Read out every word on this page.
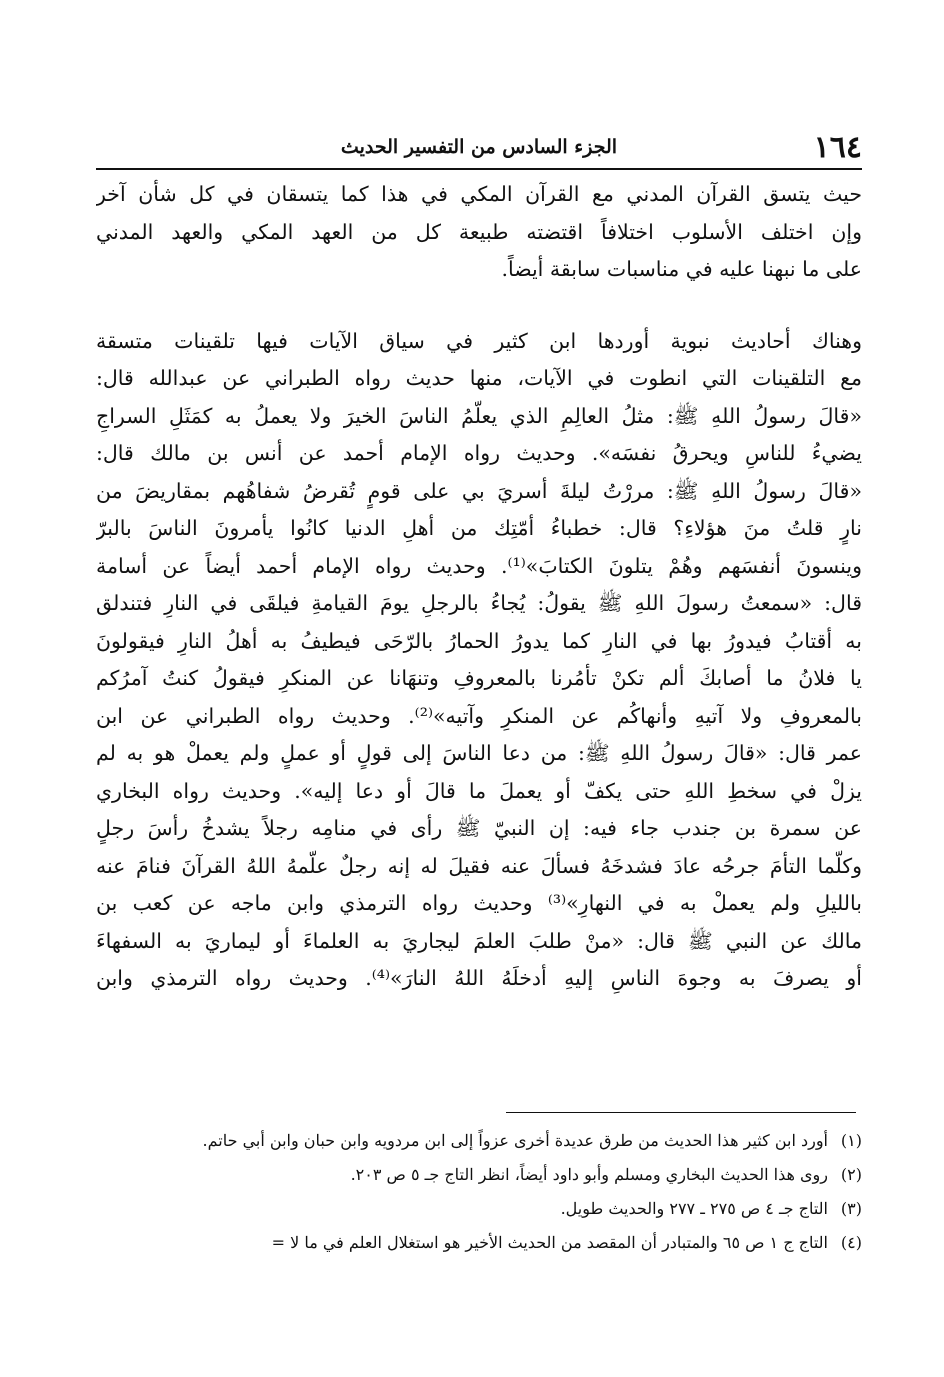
١٦٤
الجزء السادس من التفسير الحديث
حيث يتسق القرآن المدني مع القرآن المكي في هذا كما يتسقان في كل شأن آخر
وإن اختلف الأسلوب اختلافاً اقتضته طبيعة كل من العهد المكي والعهد المدني
على ما نبهنا عليه في مناسبات سابقة أيضاً.
وهناك أحاديث نبوية أوردها ابن كثير في سياق الآيات فيها تلقينات متسقة
مع التلقينات التي انطوت في الآيات، منها حديث رواه الطبراني عن عبدالله قال:
«قالَ رسولُ اللهِ ﷺ: مثلُ العالِمِ الذي يعلّمُ الناسَ الخيرَ ولا يعملُ به كمَثَلِ السراجِ
يضيءُ للناسِ ويحرقُ نفسَه». وحديث رواه الإمام أحمد عن أنس بن مالك قال:
«قالَ رسولُ اللهِ ﷺ: مررْتُ ليلةَ أسريَ بي على قومٍ تُقرضُ شفاهُهم بمقاريضَ من
نارٍ قلتُ منَ هؤلاءِ؟ قال: خطباءُ أمّتِك من أهلِ الدنيا كانُوا يأمرونَ الناسَ بالبرّ
وينسونَ أنفسَهم وهُمْ يتلونَ الكتابَ»⁽¹⁾. وحديث رواه الإمام أحمد أيضاً عن أسامة
قال: «سمعتُ رسولَ اللهِ ﷺ يقولُ: يُجاءُ بالرجلِ يومَ القيامةِ فيلقَى في النارِ فتندلق
به أقتابُ فيدورُ بها في النارِ كما يدورُ الحمارُ بالرّحَى فيطيفُ به أهلُ النارِ فيقولونَ
يا فلانُ ما أصابكَ ألم تكنْ تأمُرنا بالمعروفِ وتنهَانا عن المنكرِ فيقولُ كنتُ آمرُكم
بالمعروفِ ولا آتيهِ وأنهاكُم عن المنكرِ وآتيه»⁽²⁾. وحديث رواه الطبراني عن ابن
عمر قال: «قالَ رسولُ اللهِ ﷺ: من دعا الناسَ إلى قولٍ أو عملٍ ولم يعملْ هو به لم
يزلْ في سخطِ اللهِ حتى يكفّ أو يعملَ ما قالَ أو دعا إليه». وحديث رواه البخاري
عن سمرة بن جندب جاء فيه: إن النبيّ ﷺ رأى في منامِه رجلاً يشدخُ رأسَ رجلٍ
وكلّما التأمَ جرحُه عادَ فشدخَهُ فسألَ عنه فقيلَ له إنه رجلٌ علّمهُ اللهُ القرآنَ فنامَ عنه
بالليلِ ولم يعملْ به في النهارِ»⁽³⁾ وحديث رواه الترمذي وابن ماجه عن كعب بن
مالك عن النبي ﷺ قال: «منْ طلبَ العلمَ ليجاريَ به العلماءَ أو ليماريَ به السفهاءَ
أو يصرفَ به وجوهَ الناسِ إليهِ أدخلَهُ اللهُ النارَ»⁽⁴⁾. وحديث رواه الترمذي وابن
(١)أورد ابن كثير هذا الحديث من طرق عديدة أخرى عزواً إلى ابن مردويه وابن حبان وابن أبي حاتم.
(٢)روى هذا الحديث البخاري ومسلم وأبو داود أيضاً، انظر التاج جـ ٥ ص ٢٠٣.
(٣)التاج جـ ٤ ص ٢٧٥ ـ ٢٧٧ والحديث طويل.
(٤)التاج ج ١ ص ٦٥ والمتبادر أن المقصد من الحديث الأخير هو استغلال العلم في ما لا =
